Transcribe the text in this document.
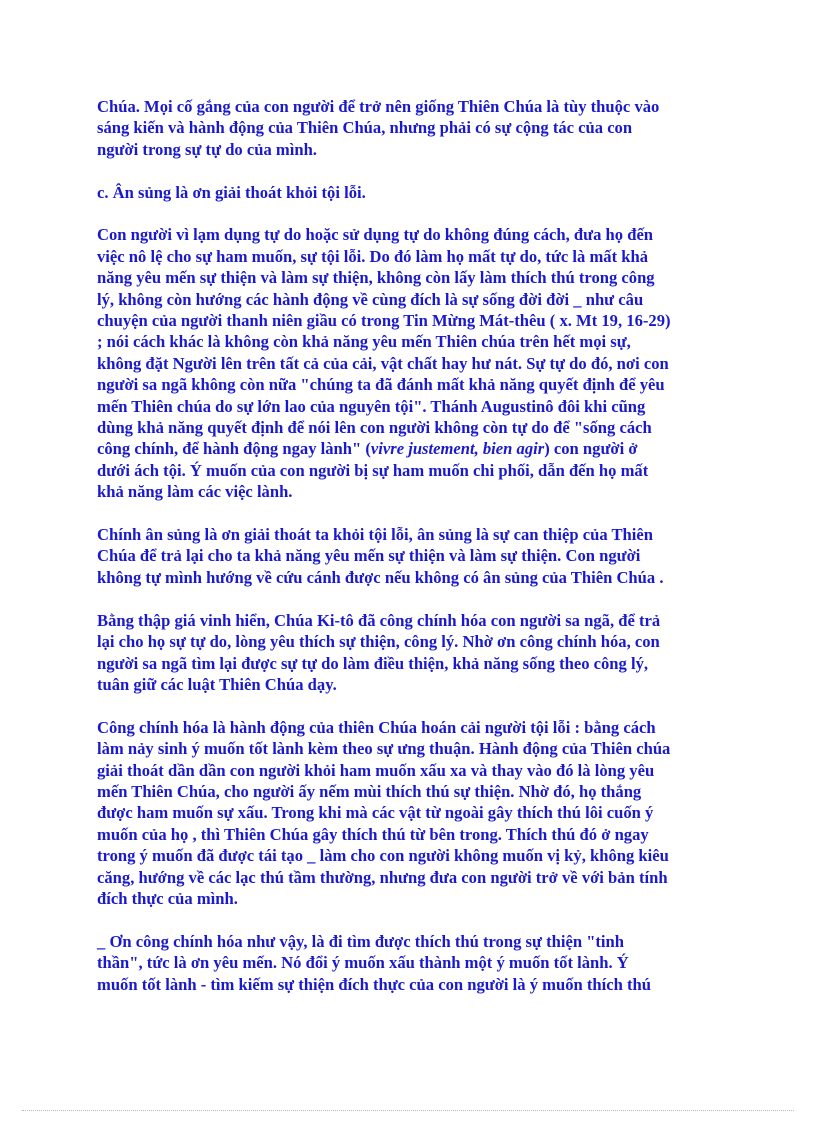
Chúa. Mọi cố gắng của con người để trở nên giống Thiên Chúa là tùy thuộc vào
sáng kiến và hành động của Thiên Chúa, nhưng phải có sự cộng tác của con
người trong sự tự do của mình.

c. Ân sủng là ơn giải thoát khỏi tội lỗi.

Con người vì lạm dụng tự do hoặc sử dụng tự do không đúng cách, đưa họ đến
việc nô lệ cho sự ham muốn, sự tội lỗi. Do đó làm họ mất tự do, tức là mất khả
năng yêu mến sự thiện và làm sự thiện, không còn lấy làm thích thú trong công
lý, không còn hướng các hành động về cùng đích là sự sống đời đời _ như câu
chuyện của người thanh niên giầu có trong Tin Mừng Mát-thêu ( x. Mt 19, 16-29)
; nói cách khác là không còn khả năng yêu mến Thiên chúa trên hết mọi sự,
không đặt Người lên trên tất cả của cải, vật chất hay hư nát. Sự tự do đó, nơi con
người sa ngã không còn nữa "chúng ta đã đánh mất khả năng quyết định để yêu
mến Thiên chúa do sự lớn lao của nguyên tội". Thánh Augustinô đôi khi cũng
dùng khả năng quyết định để nói lên con người không còn tự do để "sống cách
công chính, để hành động ngay lành" (vivre justement, bien agir) con người ở
dưới ách tội. Ý muốn của con người bị sự ham muốn chi phối, dẫn đến họ mất
khả năng làm các việc lành.

Chính ân sủng là ơn giải thoát ta khỏi tội lỗi, ân sủng là sự can thiệp của Thiên
Chúa để trả lại cho ta khả năng yêu mến sự thiện và làm sự thiện. Con người
không tự mình hướng về cứu cánh được nếu không có ân sủng của Thiên Chúa .

Bằng thập giá vinh hiển, Chúa Ki-tô đã công chính hóa con người sa ngã, để trả
lại cho họ sự tự do, lòng yêu thích sự thiện, công lý. Nhờ ơn công chính hóa, con
người sa ngã tìm lại được sự tự do làm điều thiện, khả năng sống theo công lý,
tuân giữ các luật Thiên Chúa dạy.

Công chính hóa là hành động của thiên Chúa hoán cải người tội lỗi : bằng cách
làm nảy sinh ý muốn tốt lành kèm theo sự ưng thuận. Hành động của Thiên chúa
giải thoát dần dần con người khỏi ham muốn xấu xa và thay vào đó là lòng yêu
mến Thiên Chúa, cho người ấy nếm mùi thích thú sự thiện. Nhờ đó, họ thắng
được ham muốn sự xấu. Trong khi mà các vật từ ngoài gây thích thú lôi cuốn ý
muốn của họ , thì Thiên Chúa gây thích thú từ bên trong. Thích thú đó ở ngay
trong ý muốn đã được tái tạo _ làm cho con người không muốn vị kỷ, không kiêu
căng, hướng về các lạc thú tầm thường, nhưng đưa con người trở về với bản tính
đích thực của mình.

_ Ơn công chính hóa như vậy, là đi tìm được thích thú trong sự thiện "tinh
thần", tức là ơn yêu mến. Nó đổi ý muốn xấu thành một ý muốn tốt lành. Ý
muốn tốt lành - tìm kiếm sự thiện đích thực của con người là ý muốn thích thú
